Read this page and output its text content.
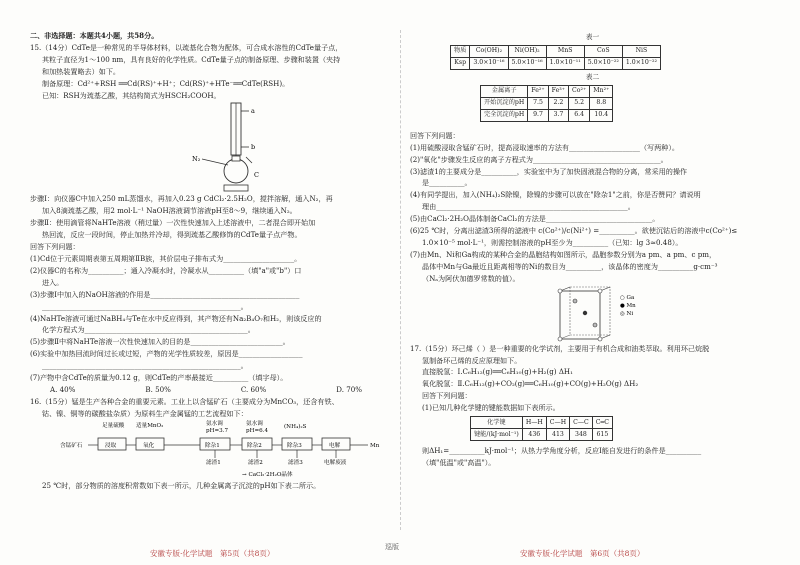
二、非选择题：本题共4小题，共58分。
15.（14分）CdTe是一种常见的半导体材料，以巯基化合物为配体，可合成水溶性的CdTe量子点，
其粒子直径为1～100 nm，具有良好的化学性质。CdTe量子点的制备原理、步骤和装置（夹持
和加热装置略去）如下。
制备原理：Cd²⁺+RSH ══Cd(RS)⁺+H⁺；Cd(RS)⁺+HTe⁻══CdTe(RSH)。
已知：RSH为巯基乙酸，其结构简式为HSCH₂COOH。
N₂
a
b
C
步骤Ⅰ：向仪器C中加入250 mL蒸馏水，再加入0.23 g CdCl₂·2.5H₂O，搅拌溶解，通入N₂，再
加入8滴巯基乙酸，用2 mol·L⁻¹ NaOH溶液调节溶液pH至8～9，继续通入N₂。
步骤Ⅱ：使用滴管将NaHTe溶液（稍过量）一次性快速加入上述溶液中，二者混合即开始加
热回流，反应一段时间，停止加热并冷却，得到巯基乙酸修饰的CdTe量子点产物。
回答下列问题：
(1)Cd位于元素周期表第五周期第ⅡB族，其价层电子排布式为____________________。
(2)仪器C的名称为__________；通入冷凝水时，冷凝水从__________（填"a"或"b"）口
进入。
(3)步骤Ⅰ中加入的NaOH溶液的作用是__________________________________________
________________________________________________________。
(4)NaHTe溶液可通过NaBH₄与Te在水中反应得到，其产物还有Na₂B₄O₇和H₂，则该反应的
化学方程式为______________________________________________。
(5)步骤Ⅱ中将NaHTe溶液一次性快速加入的目的是__________________________。
(6)实验中加热回流时间过长或过短，产物的光学性质较差，原因是__________________
________________________________________________________。
(7)产物中含CdTe的质量为0.12 g，则CdTe的产率最接近__________（填字母）。
A. 40%	B. 50%	C. 60%	D. 70%
16.（15分）锰是生产各种合金的重要元素。工业上以含锰矿石（主要成分为MnCO₃，还含有铁、
钴、镍、铜等的碳酸盐杂质）为原料生产金属锰的工艺流程如下：
足量硫酸 适量MnO₂	氨水调
pH=3.7
氨水调
pH=6.4
(NH₄)₂S
含锰矿石	浸取	氧化	除杂1	除杂2	除杂3	电解	Mn
滤渣1	滤渣2	滤渣3	电解废液
→ CaCl₂·2H₂O晶体
25 ℃时，部分物质的溶度积常数如下表一所示，几种金属离子沉淀的pH如下表二所示。
表一
物质	Co(OH)₂	Ni(OH)₂	MnS	CoS	NiS
Ksp	3.0×10⁻¹⁶	5.0×10⁻¹⁶	1.0×10⁻¹¹	5.0×10⁻²²	1.0×10⁻²²
表二
金属离子	Fe²⁺	Fe³⁺	Co²⁺	Mn²⁺
开始沉淀的pH	7.5	2.2	5.2	8.8
完全沉淀的pH	9.7	3.7	6.4	10.4
回答下列问题：
(1)用硫酸浸取含锰矿石时，提高浸取速率的方法有____________________（写两种）。
(2)"氧化"步骤发生反应的离子方程式为____________________________________。
(3)滤渣1的主要成分是__________，实验室中为了加快固液混合物的分离，常采用的操作
是__________。
(4)有同学提出，加入(NH₄)₂S除镍，除镍的步骤可以放在"除杂1"之前，你是否赞同？请说明
理由______________________________________________________。
(5)由CaCl₂·2H₂O晶体制备CaCl₂的方法是______________________________。
(6)25 ℃时，分离出滤渣3所得的滤液中 c(Co²⁺)/c(Ni²⁺) =__________。欲使沉钴后的溶液中c(Co²⁺)≤
1.0×10⁻⁵ mol·L⁻¹，则需控制溶液的pH至少为__________（已知：lg 3≈0.48）。
(7)由Mn、Ni和Ga构成的某种合金的晶胞结构如图所示，晶胞参数分别为a pm、a pm、c pm，
晶体中Mn与Ga最近且距离相等的Ni的数目为__________，该晶体的密度为__________g·cm⁻³
（Nₐ为阿伏加德罗常数的值）。
○ Ga
● Mn
◎ Ni
17.（15分）环己烯（ ）是一种重要的化学试剂，主要用于有机合成和油类萃取。利用环己烷脱
氢制备环己烯的反应原理如下。
直接脱氢：Ⅰ.C₆H₁₂(g)══C₆H₁₀(g)+H₂(g) ΔH₁
氧化脱氢：Ⅱ.C₆H₁₂(g)+CO₂(g)══C₆H₁₀(g)+CO(g)+H₂O(g) ΔH₂
回答下列问题：
(1)已知几种化学键的键能数据如下表所示。
化学键	H—H	C—H	C—C	C═C
键能/(kJ·mol⁻¹)	436	413	348	615
则ΔH₁=__________kJ·mol⁻¹；从热力学角度分析，反应Ⅰ能自发进行的条件是__________
（填"低温"或"高温"）。
安徽专版·化学试题　第5页（共8页）
巡版
安徽专版·化学试题　第6页（共8页）
